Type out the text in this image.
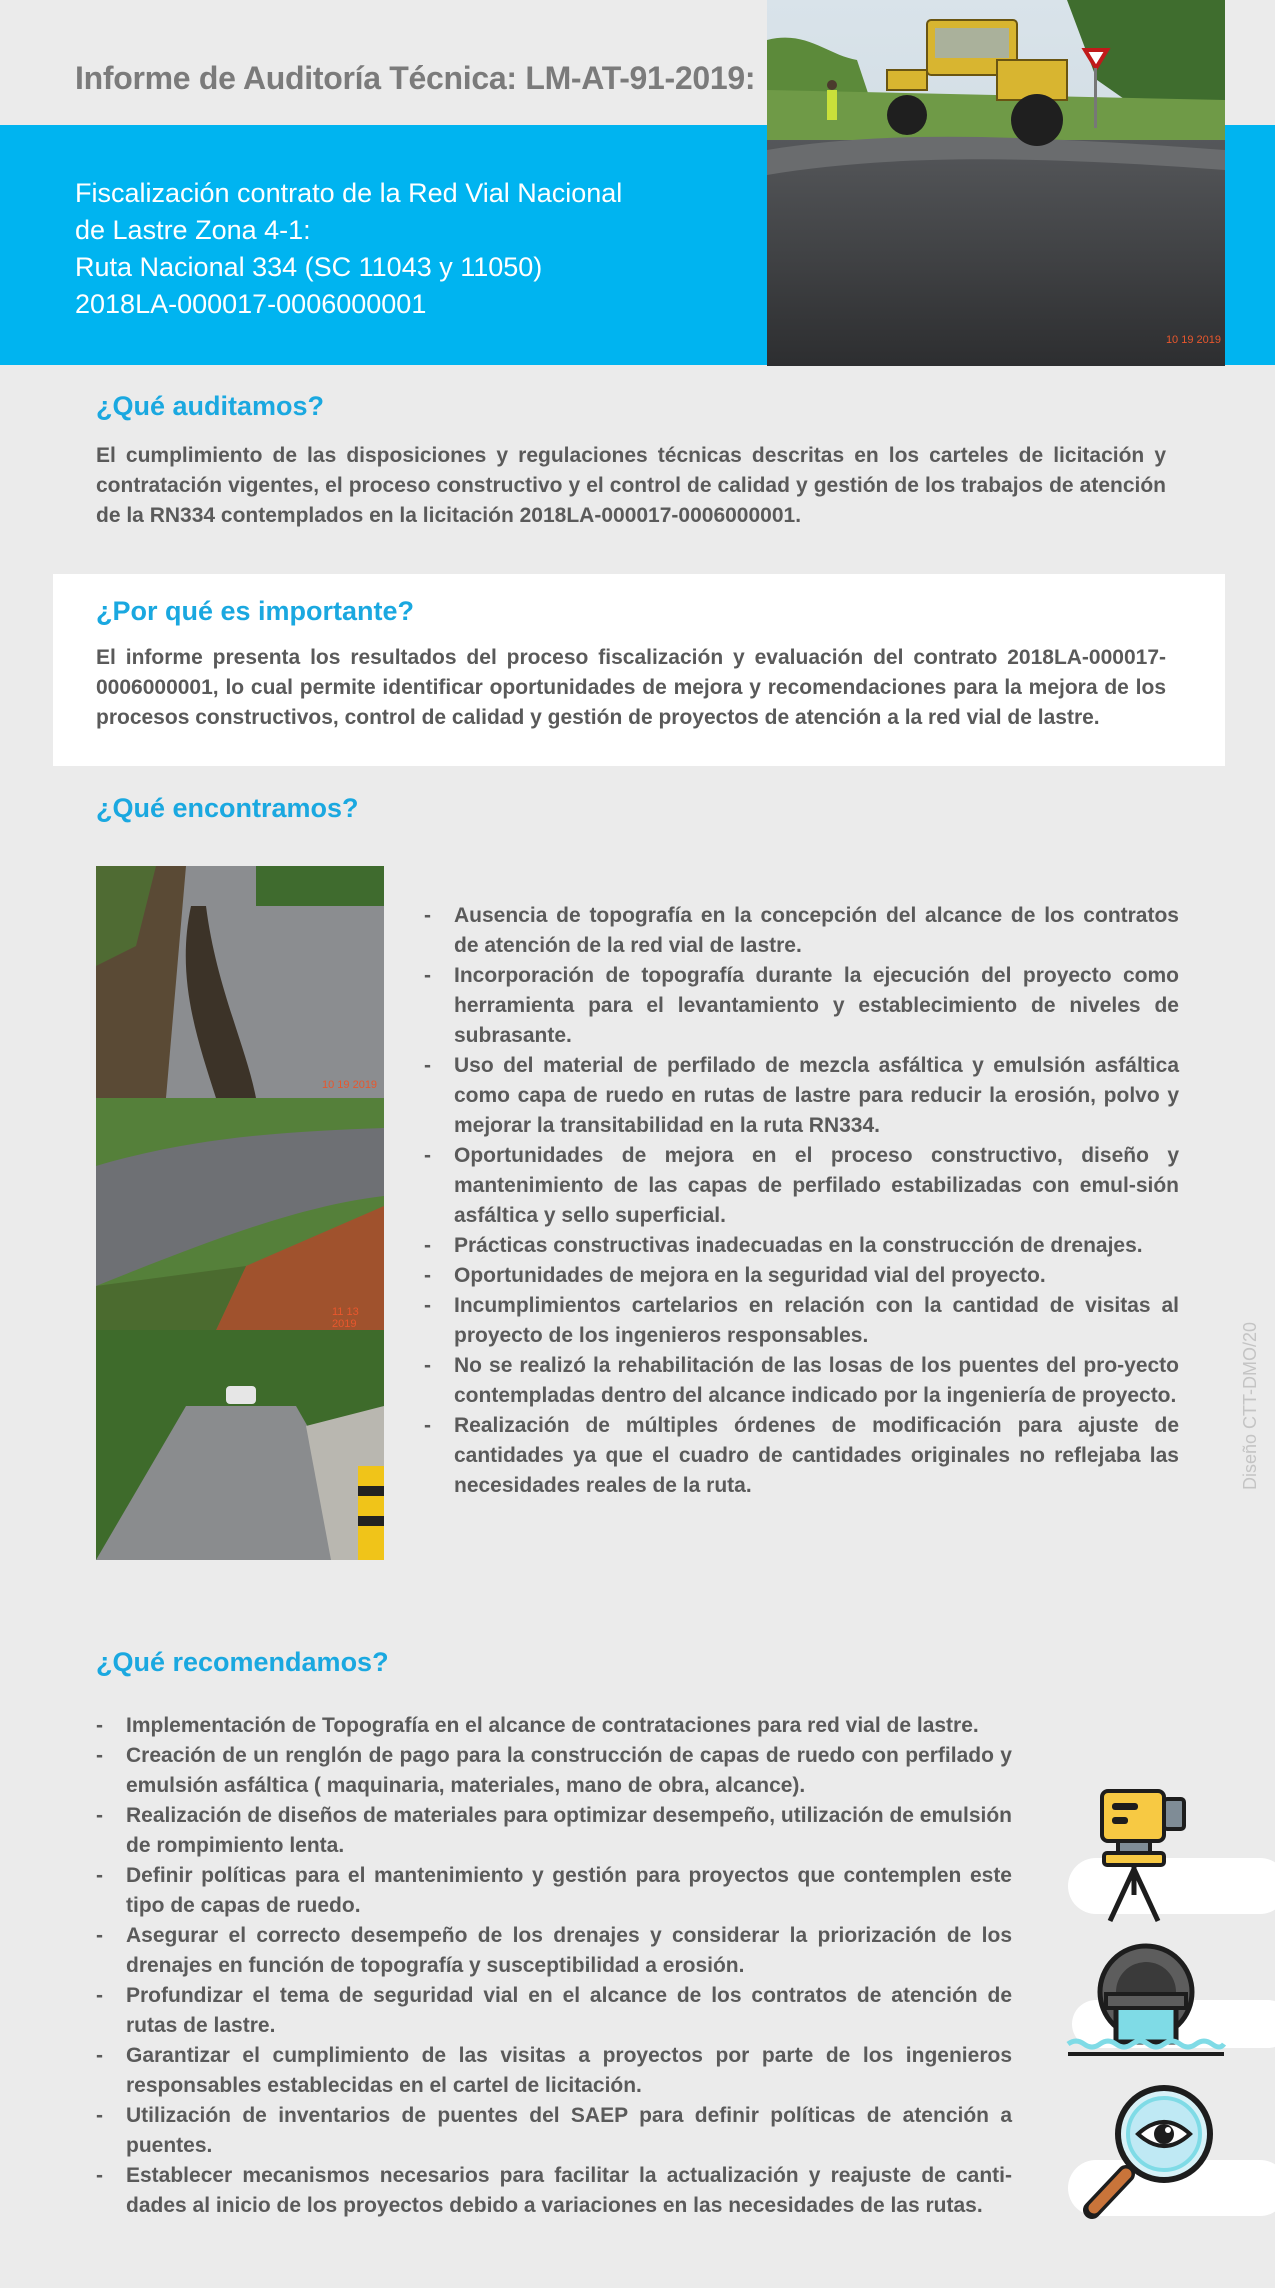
Informe de Auditoría Técnica: LM-AT-91-2019:
Fiscalización contrato de la Red Vial Nacional
de Lastre Zona 4-1:
Ruta Nacional 334 (SC 11043 y 11050)
2018LA-000017-0006000001
10 19 2019
¿Qué auditamos?
El cumplimiento de las disposiciones y regulaciones técnicas descritas en los carteles de licitación y contratación vigentes, el proceso constructivo y el control de calidad y gestión de los trabajos de atención de la RN334 contemplados en la licitación 2018LA-000017-0006000001.
¿Por qué es importante?
El informe presenta los resultados del proceso fiscalización y evaluación del contrato 2018LA-000017-0006000001, lo cual permite identificar oportunidades de mejora y recomendaciones para la mejora de los procesos constructivos, control de calidad y gestión de proyectos de atención a la red vial de lastre.
¿Qué encontramos?
10 19 2019
11 13 2019
- Ausencia de topografía en la concepción del alcance de los contratos de atención de la red vial de lastre.
- Incorporación de topografía durante la ejecución del proyecto como herramienta para el levantamiento y establecimiento de niveles de subrasante.
- Uso del material de perfilado de mezcla asfáltica y emulsión asfáltica como capa de ruedo en rutas de lastre para reducir la erosión, polvo y mejorar la transitabilidad en la ruta RN334.
- Oportunidades de mejora en el proceso constructivo, diseño y mantenimiento de las capas de perfilado estabilizadas con emul-sión asfáltica y sello superficial.
- Prácticas constructivas inadecuadas en la construcción de drenajes.
- Oportunidades de mejora en la seguridad vial del proyecto.
- Incumplimientos cartelarios en relación con la cantidad de visitas al proyecto de los ingenieros responsables.
- No se realizó la rehabilitación de las losas de los puentes del pro-yecto contempladas dentro del alcance indicado por la ingeniería de proyecto.
- Realización de múltiples órdenes de modificación para ajuste de cantidades ya que el cuadro de cantidades originales no reflejaba las necesidades reales de la ruta.	Diseño CTT-DMO/20
¿Qué recomendamos?
- Implementación de Topografía en el alcance de contrataciones para red vial de lastre.
- Creación de un renglón de pago para la construcción de capas de ruedo con perfilado y emulsión asfáltica ( maquinaria, materiales, mano de obra, alcance).
- Realización de diseños de materiales para optimizar desempeño, utilización de emulsión de rompimiento lenta.
- Definir políticas para el mantenimiento y gestión para proyectos que contemplen este tipo de capas de ruedo.
- Asegurar el correcto desempeño de los drenajes y considerar la priorización de los drenajes en función de topografía y susceptibilidad a erosión.
- Profundizar el tema de seguridad vial en el alcance de los contratos de atención de rutas de lastre.
- Garantizar el cumplimiento de las visitas a proyectos por parte de los ingenieros responsables establecidas en el cartel de licitación.
- Utilización de inventarios de puentes del SAEP para definir políticas de atención a puentes.
- Establecer mecanismos necesarios para facilitar la actualización y reajuste de canti-dades al inicio de los proyectos debido a variaciones en las necesidades de las rutas.
